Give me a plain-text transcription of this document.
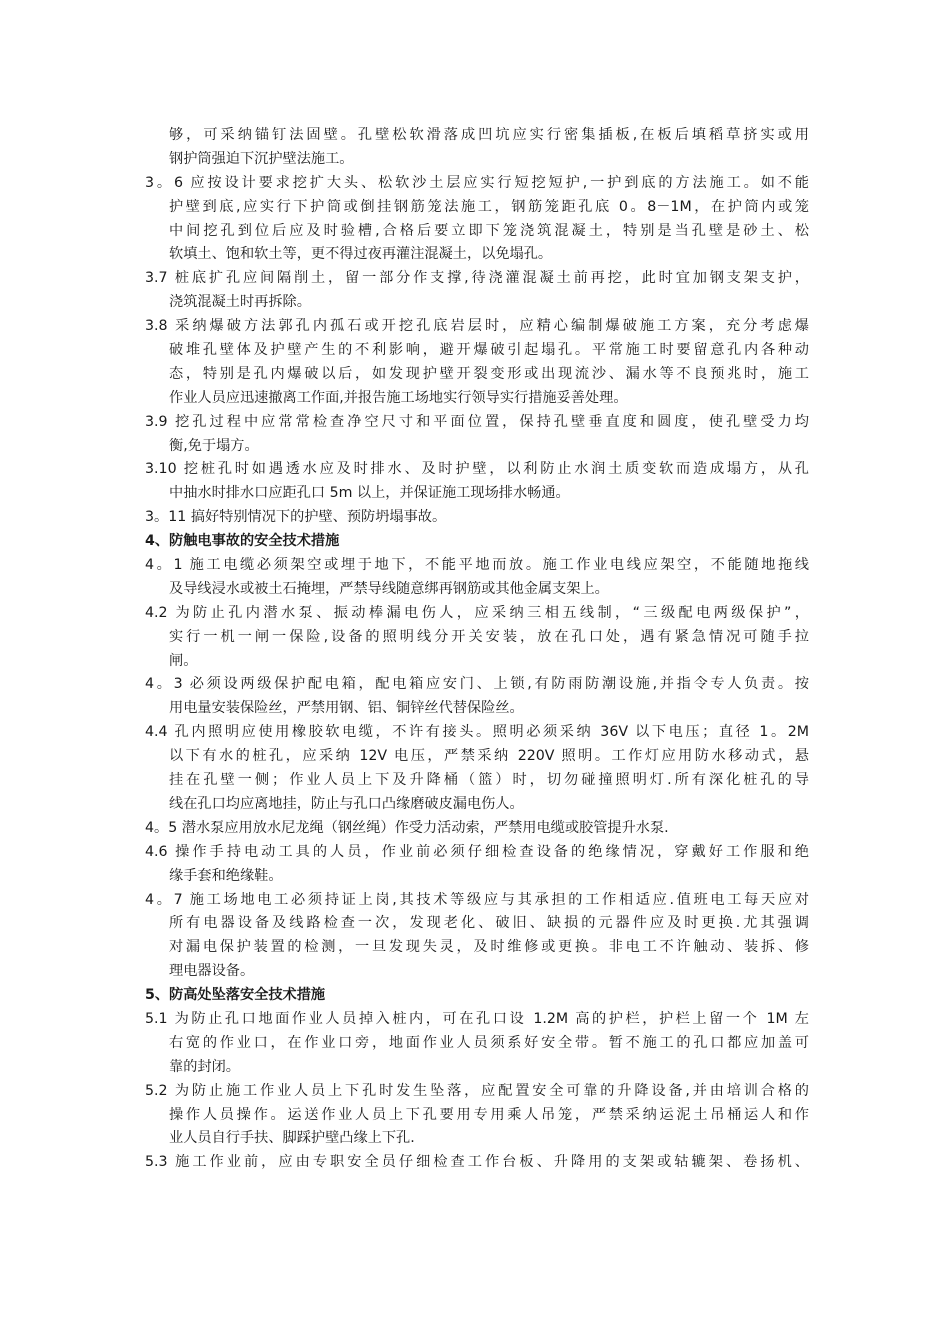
够，可采纳锚钉法固壁。孔壁松软滑落成凹坑应实行密集插板,在板后填稻草挤实或用
钢护筒强迫下沉护壁法施工。
3。6 应按设计要求挖扩大头、松软沙土层应实行短挖短护,一护到底的方法施工。如不能
护壁到底,应实行下护筒或倒挂钢筋笼法施工，钢筋笼距孔底 0。8－1M，在护筒内或笼
中间挖孔到位后应及时验槽,合格后要立即下笼浇筑混凝土，特别是当孔壁是砂土、松
软填土、饱和软土等，更不得过夜再灌注混凝土，以免塌孔。
3.7 桩底扩孔应间隔削土，留一部分作支撑,待浇灌混凝土前再挖，此时宜加钢支架支护，
浇筑混凝土时再拆除。
3.8 采纳爆破方法郭孔内孤石或开挖孔底岩层时，应精心编制爆破施工方案，充分考虑爆
破堆孔壁体及护壁产生的不利影响，避开爆破引起塌孔。平常施工时要留意孔内各种动
态，特别是孔内爆破以后，如发现护壁开裂变形或出现流沙、漏水等不良预兆时，施工
作业人员应迅速撤离工作面,并报告施工场地实行领导实行措施妥善处理。
3.9 挖孔过程中应常常检查净空尺寸和平面位置，保持孔壁垂直度和圆度，使孔壁受力均
衡,免于塌方。
3.10 挖桩孔时如遇透水应及时排水、及时护壁，以利防止水润土质变软而造成塌方，从孔
中抽水时排水口应距孔口 5m 以上，并保证施工现场排水畅通。
3。11 搞好特别情况下的护壁、预防坍塌事故。
4、防触电事故的安全技术措施
4。1 施工电缆必须架空或埋于地下，不能平地而放。施工作业电线应架空，不能随地拖线
及导线浸水或被土石掩埋，严禁导线随意绑再钢筋或其他金属支架上。
4.2 为防止孔内潜水泵、振动棒漏电伤人，应采纳三相五线制，“三级配电两级保护”，
实行一机一闸一保险,设备的照明线分开关安装，放在孔口处，遇有紧急情况可随手拉
闸。
4。3 必须设两级保护配电箱，配电箱应安门、上锁,有防雨防潮设施,并指令专人负责。按
用电量安装保险丝，严禁用钢、铝、铜锌丝代替保险丝。
4.4 孔内照明应使用橡胶软电缆，不许有接头。照明必须采纳 36V 以下电压；直径 1。2M
以下有水的桩孔，应采纳 12V 电压，严禁采纳 220V 照明。工作灯应用防水移动式，悬
挂在孔壁一侧；作业人员上下及升降桶（篮）时，切勿碰撞照明灯.所有深化桩孔的导
线在孔口均应离地挂，防止与孔口凸缘磨破皮漏电伤人。
4。5 潜水泵应用放水尼龙绳（钢丝绳）作受力活动索，严禁用电缆或胶管提升水泵.
4.6 操作手持电动工具的人员，作业前必须仔细检查设备的绝缘情况，穿戴好工作服和绝
缘手套和绝缘鞋。
4。7 施工场地电工必须持证上岗,其技术等级应与其承担的工作相适应.值班电工每天应对
所有电器设备及线路检查一次，发现老化、破旧、缺损的元器件应及时更换.尤其强调
对漏电保护装置的检测，一旦发现失灵，及时维修或更换。非电工不许触动、装拆、修
理电器设备。
5、防高处坠落安全技术措施
5.1 为防止孔口地面作业人员掉入桩内，可在孔口设 1.2M 高的护栏，护栏上留一个 1M 左
右宽的作业口，在作业口旁，地面作业人员须系好安全带。暂不施工的孔口都应加盖可
靠的封闭。
5.2 为防止施工作业人员上下孔时发生坠落，应配置安全可靠的升降设备,并由培训合格的
操作人员操作。运送作业人员上下孔要用专用乘人吊笼，严禁采纳运泥土吊桶运人和作
业人员自行手扶、脚踩护壁凸缘上下孔.
5.3 施工作业前，应由专职安全员仔细检查工作台板、升降用的支架或轱辘架、卷扬机、
